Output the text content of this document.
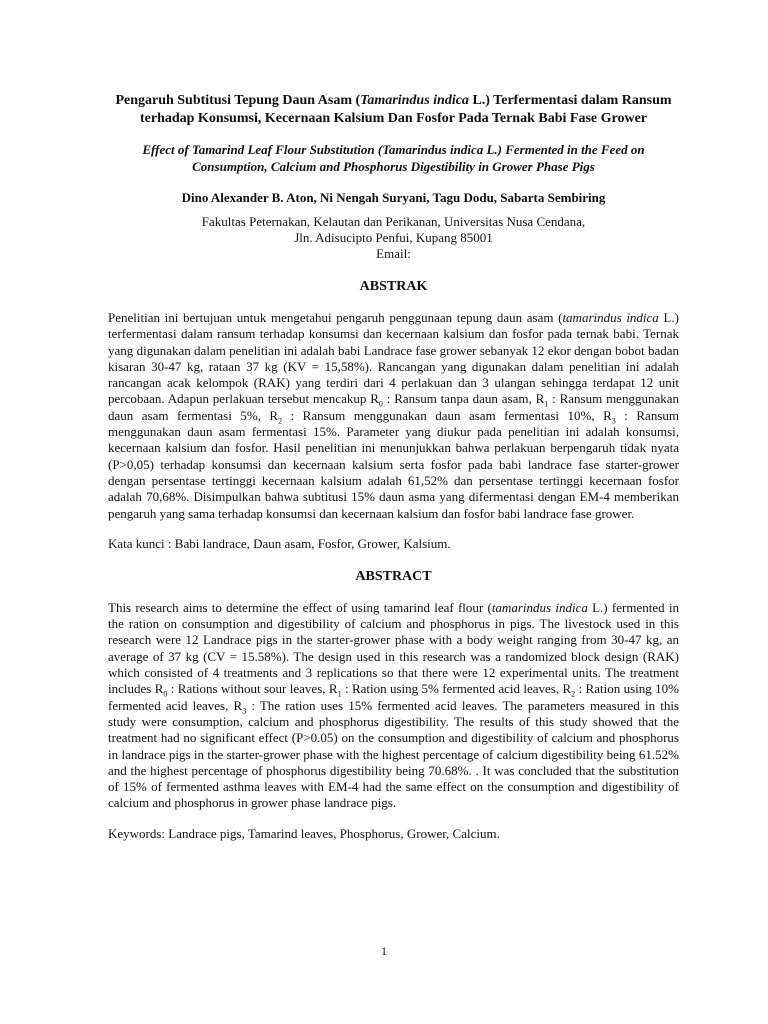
Pengaruh Subtitusi Tepung Daun Asam (Tamarindus indica L.) Terfermentasi dalam Ransum terhadap Konsumsi, Kecernaan Kalsium Dan Fosfor Pada Ternak Babi Fase Grower

Effect of Tamarind Leaf Flour Substitution (Tamarindus indica L.) Fermented in the Feed on Consumption, Calcium and Phosphorus Digestibility in Grower Phase Pigs

Dino Alexander B. Aton, Ni Nengah Suryani, Tagu Dodu, Sabarta Sembiring

Fakultas Peternakan, Kelautan dan Perikanan, Universitas Nusa Cendana,

Jln. Adisucipto Penfui, Kupang 85001

Email:

ABSTRAK

Penelitian ini bertujuan untuk mengetahui pengaruh penggunaan tepung daun asam (tamarindus indica L.) terfermentasi dalam ransum terhadap konsumsi dan kecernaan kalsium dan fosfor pada ternak babi. Ternak yang digunakan dalam penelitian ini adalah babi Landrace fase grower sebanyak 12 ekor dengan bobot badan kisaran 30-47 kg, rataan 37 kg (KV = 15,58%). Rancangan yang digunakan dalam penelitian ini adalah rancangan acak kelompok (RAK) yang terdiri dari 4 perlakuan dan 3 ulangan sehingga terdapat 12 unit percobaan. Adapun perlakuan tersebut mencakup $R_0$ : Ransum tanpa daun asam, $R_1$ : Ransum menggunakan daun asam fermentasi 5%, $R_2$ : Ransum menggunakan daun asam fermentasi 10%, $R_3$ : Ransum menggunakan daun asam fermentasi 15%. Parameter yang diukur pada penelitian ini adalah konsumsi, kecernaan kalsium dan fosfor. Hasil penelitian ini menunjukkan bahwa perlakuan berpengaruh tidak nyata (P>0,05) terhadap konsumsi dan kecernaan kalsium serta fosfor pada babi landrace fase starter-grower dengan persentase tertinggi kecernaan kalsium adalah 61,52% dan persentase tertinggi kecernaan fosfor adalah 70,68%. Disimpulkan bahwa subtitusi 15% daun asma yang difermentasi dengan EM-4 memberikan pengaruh yang sama terhadap konsumsi dan kecernaan kalsium dan fosfor babi landrace fase grower.

Kata kunci : Babi landrace, Daun asam, Fosfor, Grower, Kalsium.

ABSTRACT

This research aims to determine the effect of using tamarind leaf flour (tamarindus indica L.) fermented in the ration on consumption and digestibility of calcium and phosphorus in pigs. The livestock used in this research were 12 Landrace pigs in the starter-grower phase with a body weight ranging from 30-47 kg, an average of 37 kg (CV = 15.58%). The design used in this research was a randomized block design (RAK) which consisted of 4 treatments and 3 replications so that there were 12 experimental units. The treatment includes $R_0$ : Rations without sour leaves, $R_1$ : Ration using 5% fermented acid leaves, $R_2$ : Ration using 10% fermented acid leaves, $R_3$ : The ration uses 15% fermented acid leaves. The parameters measured in this study were consumption, calcium and phosphorus digestibility. The results of this study showed that the treatment had no significant effect (P>0.05) on the consumption and digestibility of calcium and phosphorus in landrace pigs in the starter-grower phase with the highest percentage of calcium digestibility being 61.52% and the highest percentage of phosphorus digestibility being 70.68%. . It was concluded that the substitution of 15% of fermented asthma leaves with EM-4 had the same effect on the consumption and digestibility of calcium and phosphorus in grower phase landrace pigs.

Keywords: Landrace pigs, Tamarind leaves, Phosphorus, Grower, Calcium.

1
